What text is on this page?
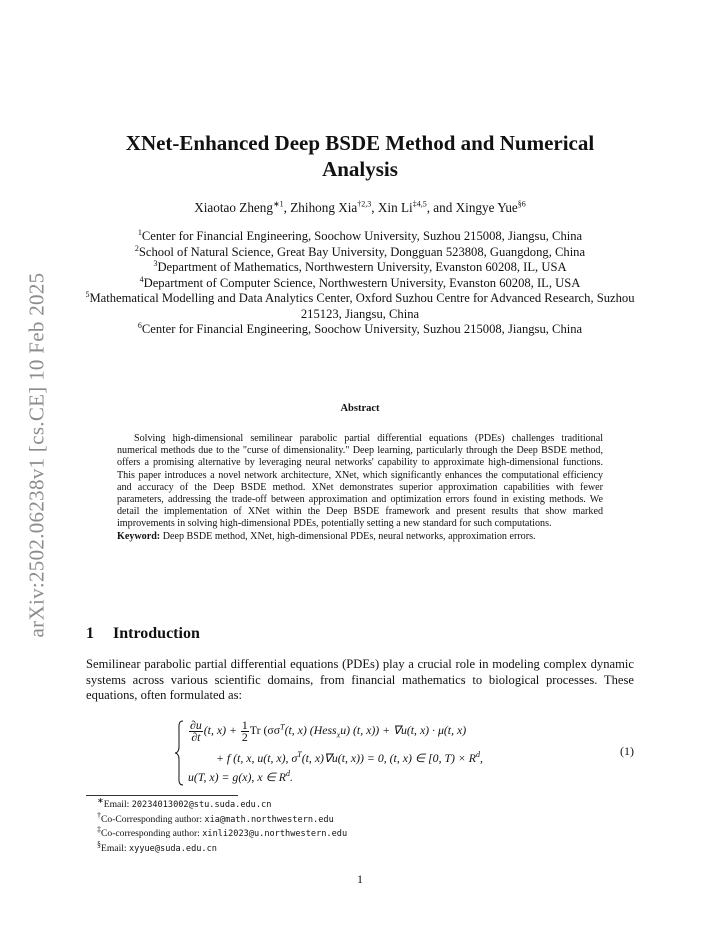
arXiv:2502.06238v1 [cs.CE] 10 Feb 2025
XNet-Enhanced Deep BSDE Method and Numerical Analysis
Xiaotao Zheng$^{∗1}$, Zhihong Xia$^{\dagger 2,3}$, Xin Li$^{\ddagger 4,5}$, and Xingye Yue$^{\S 6}$
$^1$Center for Financial Engineering, Soochow University, Suzhou 215008, Jiangsu, China
$^2$School of Natural Science, Great Bay University, Dongguan 523808, Guangdong, China
$^3$Department of Mathematics, Northwestern University, Evanston 60208, IL, USA
$^4$Department of Computer Science, Northwestern University, Evanston 60208, IL, USA
$^5$Mathematical Modelling and Data Analytics Center, Oxford Suzhou Centre for Advanced Research, Suzhou 215123, Jiangsu, China
$^6$Center for Financial Engineering, Soochow University, Suzhou 215008, Jiangsu, China
Abstract

Solving high-dimensional semilinear parabolic partial differential equations (PDEs) challenges traditional numerical methods due to the "curse of dimensionality." Deep learning, particularly through the Deep BSDE method, offers a promising alternative by leveraging neural networks' capability to approximate high-dimensional functions. This paper introduces a novel network architecture, XNet, which significantly enhances the computational efficiency and accuracy of the Deep BSDE method. XNet demonstrates superior approximation capabilities with fewer parameters, addressing the trade-off between approximation and optimization errors found in existing methods. We detail the implementation of XNet within the Deep BSDE framework and present results that show marked improvements in solving high-dimensional PDEs, potentially setting a new standard for such computations.

Keyword: Deep BSDE method, XNet, high-dimensional PDEs, neural networks, approximation errors.

1 Introduction

Semilinear parabolic partial differential equations (PDEs) play a crucial role in modeling complex dynamic systems across various scientific domains, from financial mathematics to biological processes. These equations, often formulated as:

$\frac{\partial u}{\partial t} (t$, $x) + \frac{1}{2}$ Tr ($\sigma\sigma^T(t$, x) (Hess$_x$u) (t, x)) + ∇u(t, x) · μ(t, x)
+ f (t, x, u(t, x), $\sigma^T(t$, x)∇u(t, x)) = 0, (t, x) ∈ [0, $T) \times R^d$,
u(T, x) = g(x), x ∈ $R^d$.
(1)
∗Email: 20234013002@stu.suda.edu.cn
†Co-Corresponding author: xia@math.northwestern.edu
‡Co-corresponding author: xinli2023@u.northwestern.edu
§Email: xyyue@suda.edu.cn
1
